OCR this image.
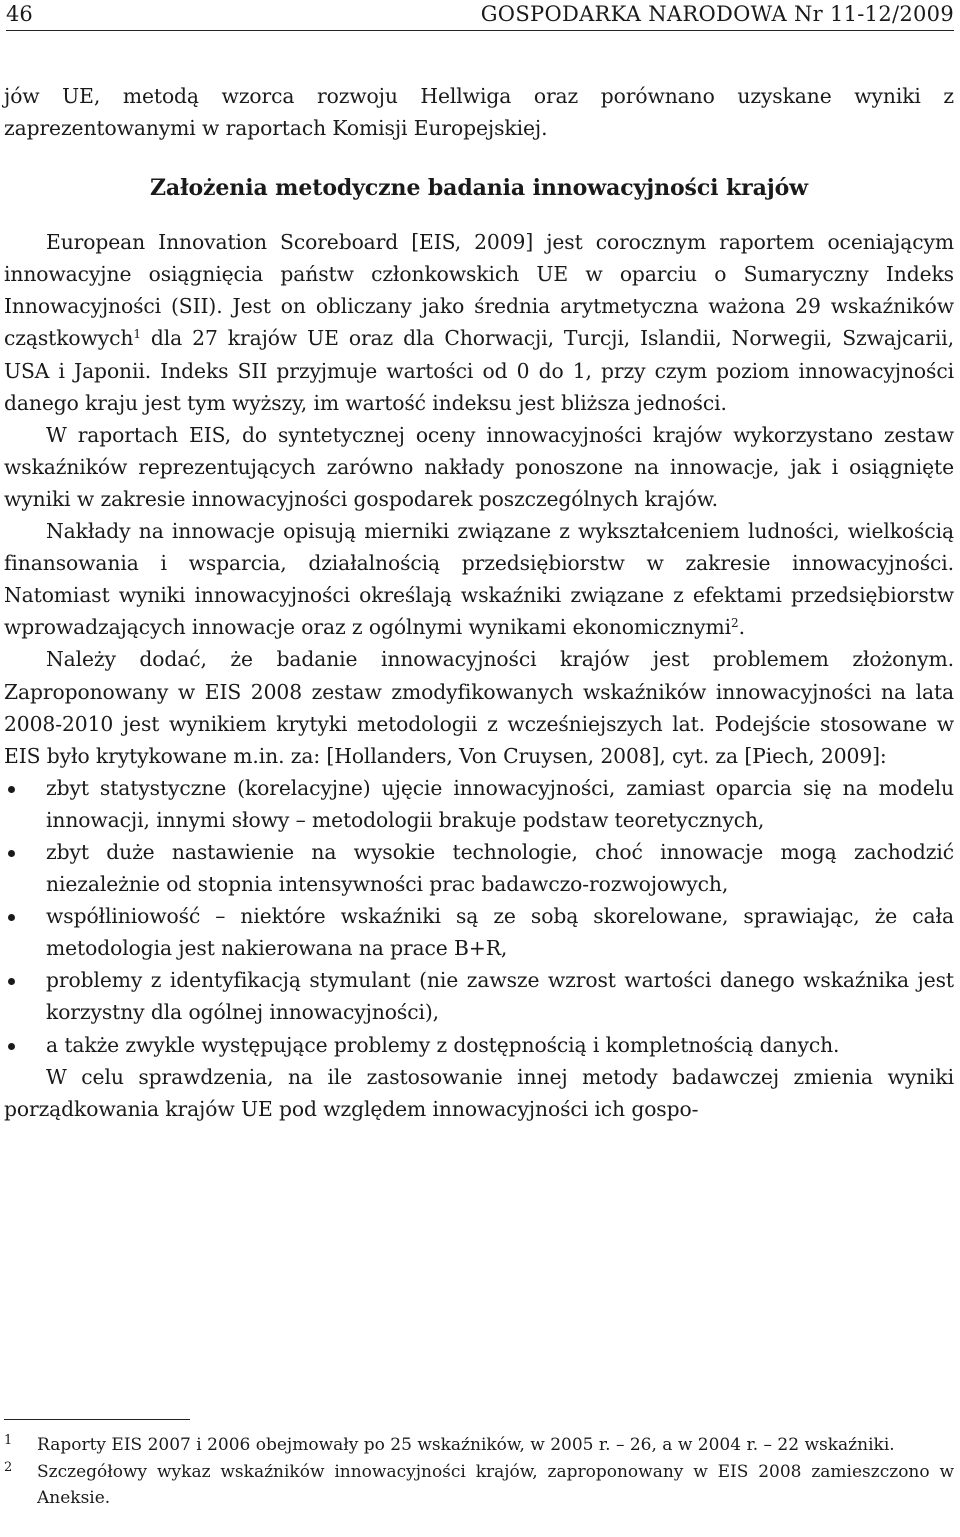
46	GOSPODARKA NARODOWA Nr 11-12/2009

jów UE, metodą wzorca rozwoju Hellwiga oraz porównano uzyskane wyniki z zaprezentowanymi w raportach Komisji Europejskiej.

Założenia metodyczne badania innowacyjności krajów

European Innovation Scoreboard [EIS, 2009] jest corocznym raportem oceniającym innowacyjne osiągnięcia państw członkowskich UE w oparciu o Sumaryczny Indeks Innowacyjności (SII). Jest on obliczany jako średnia arytmetyczna ważona 29 wskaźników cząstkowych$^1$ dla 27 krajów UE oraz dla Chorwacji, Turcji, Islandii, Norwegii, Szwajcarii, USA i Japonii. Indeks SII przyjmuje wartości od 0 do 1, przy czym poziom innowacyjności danego kraju jest tym wyższy, im wartość indeksu jest bliższa jedności.

W raportach EIS, do syntetycznej oceny innowacyjności krajów wykorzystano zestaw wskaźników reprezentujących zarówno nakłady ponoszone na innowacje, jak i osiągnięte wyniki w zakresie innowacyjności gospodarek poszczególnych krajów.

Nakłady na innowacje opisują mierniki związane z wykształceniem ludności, wielkością finansowania i wsparcia, działalnością przedsiębiorstw w zakresie innowacyjności. Natomiast wyniki innowacyjności określają wskaźniki związane z efektami przedsiębiorstw wprowadzających innowacje oraz z ogólnymi wynikami ekonomicznymi$^2$.

Należy dodać, że badanie innowacyjności krajów jest problemem złożonym. Zaproponowany w EIS 2008 zestaw zmodyfikowanych wskaźników innowacyjności na lata 2008-2010 jest wynikiem krytyki metodologii z wcześniejszych lat. Podejście stosowane w EIS było krytykowane m.in. za: [Hollanders, Von Cruysen, 2008], cyt. za [Piech, 2009]:

zbyt statystyczne (korelacyjne) ujęcie innowacyjności, zamiast oparcia się na modelu innowacji, innymi słowy – metodologii brakuje podstaw teoretycznych,
zbyt duże nastawienie na wysokie technologie, choć innowacje mogą zachodzić niezależnie od stopnia intensywności prac badawczo-rozwojowych,
współliniowość – niektóre wskaźniki są ze sobą skorelowane, sprawiając, że cała metodologia jest nakierowana na prace B+R,
problemy z identyfikacją stymulant (nie zawsze wzrost wartości danego wskaźnika jest korzystny dla ogólnej innowacyjności),
a także zwykle występujące problemy z dostępnością i kompletnością danych.

W celu sprawdzenia, na ile zastosowanie innej metody badawczej zmienia wyniki porządkowania krajów UE pod względem innowacyjności ich gospo-

1 Raporty EIS 2007 i 2006 obejmowały po 25 wskaźników, w 2005 r. – 26, a w 2004 r. – 22 wskaźniki.
2 Szczegółowy wykaz wskaźników innowacyjności krajów, zaproponowany w EIS 2008 zamieszczono w Aneksie.
